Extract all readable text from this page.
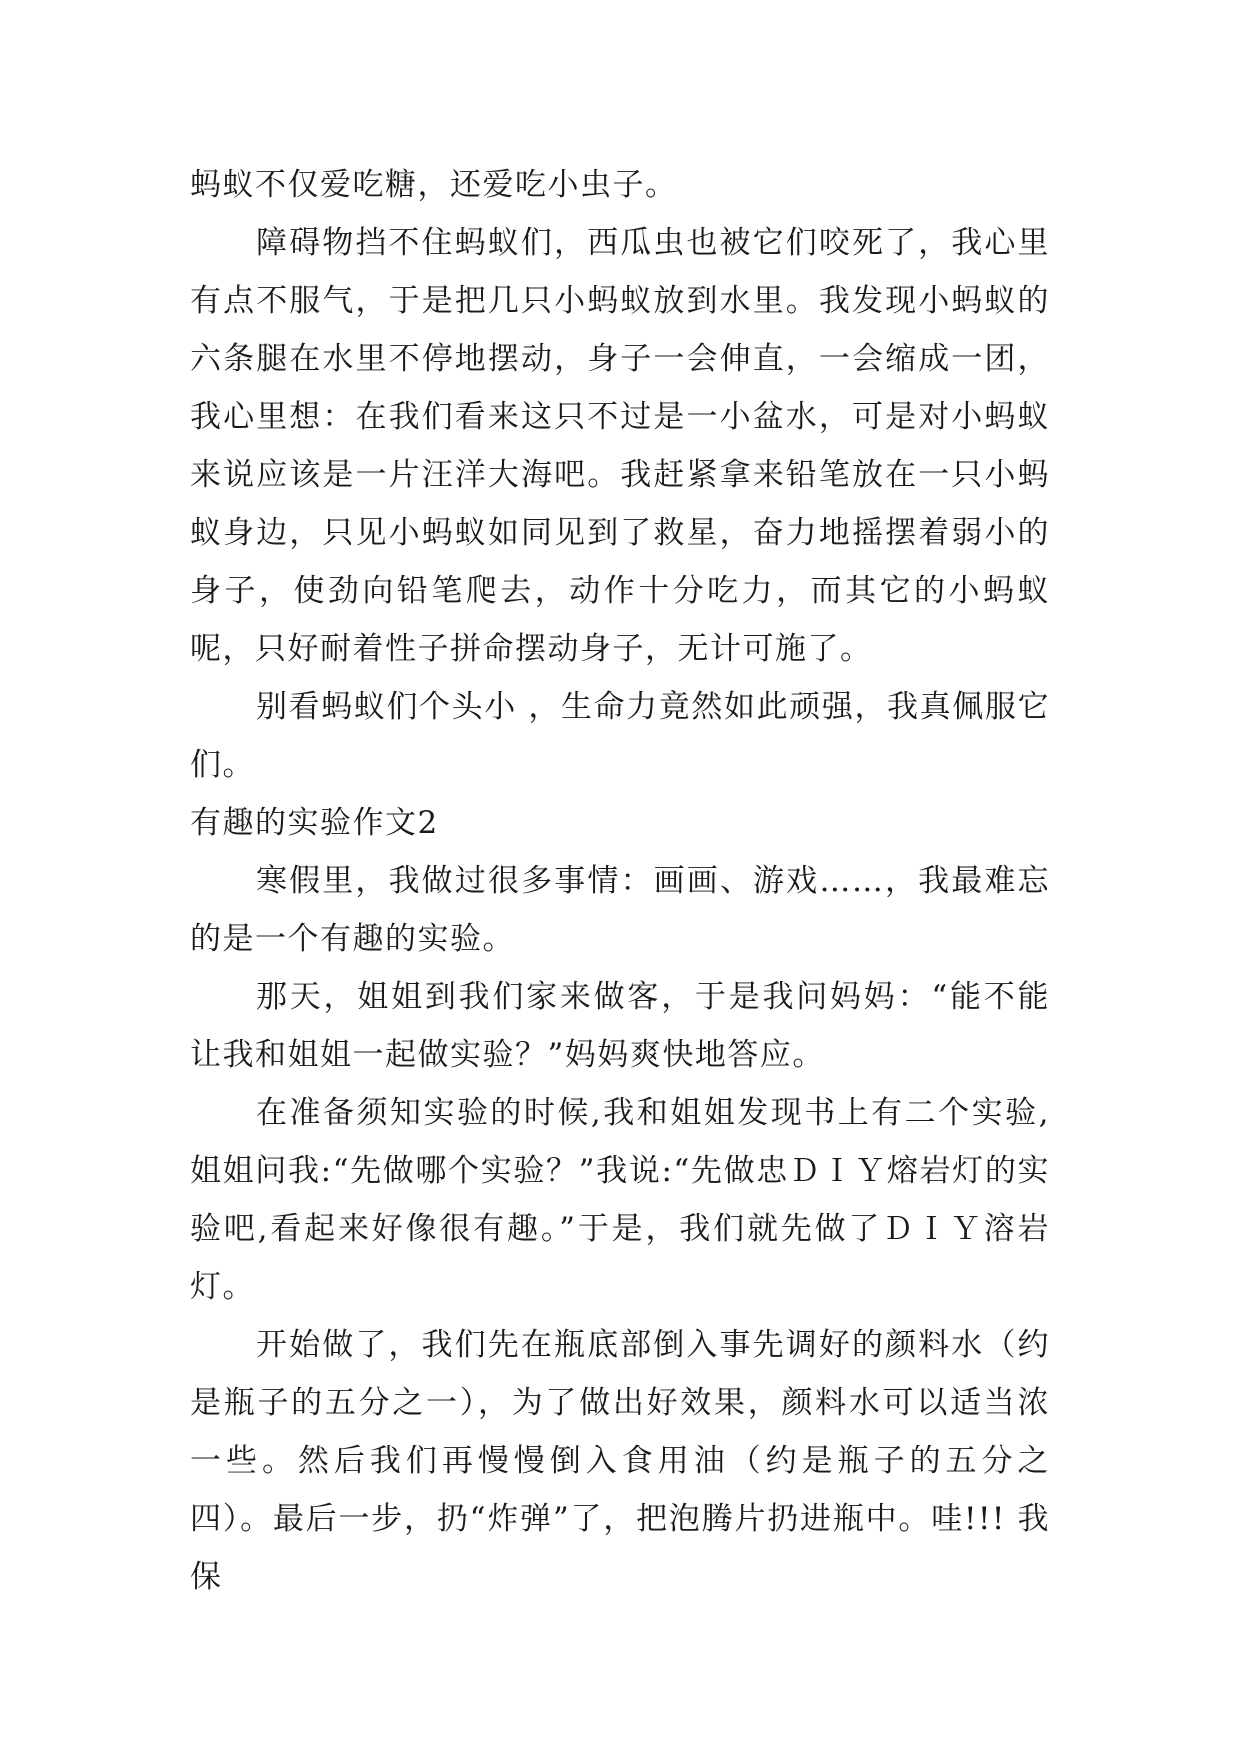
蚂蚁不仅爱吃糖，还爱吃小虫子。

障碍物挡不住蚂蚁们，西瓜虫也被它们咬死了，我心里有点不服气，于是把几只小蚂蚁放到水里。我发现小蚂蚁的六条腿在水里不停地摆动，身子一会伸直，一会缩成一团，我心里想：在我们看来这只不过是一小盆水，可是对小蚂蚁来说应该是一片汪洋大海吧。我赶紧拿来铅笔放在一只小蚂蚁身边，只见小蚂蚁如同见到了救星，奋力地摇摆着弱小的身子，使劲向铅笔爬去，动作十分吃力，而其它的小蚂蚁呢，只好耐着性子拼命摆动身子，无计可施了。

别看蚂蚁们个头小 ，生命力竟然如此顽强，我真佩服它们。

有趣的实验作文2

寒假里，我做过很多事情：画画、游戏……，我最难忘的是一个有趣的实验。

那天，姐姐到我们家来做客，于是我问妈妈：“能不能让我和姐姐一起做实验？”妈妈爽快地答应。

在准备须知实验的时候,我和姐姐发现书上有二个实验,姐姐问我:“先做哪个实验？”我说:“先做忠ＤＩＹ熔岩灯的实验吧,看起来好像很有趣。”于是，我们就先做了ＤＩＹ溶岩灯。

开始做了，我们先在瓶底部倒入事先调好的颜料水（约是瓶子的五分之一），为了做出好效果，颜料水可以适当浓一些。然后我们再慢慢倒入食用油（约是瓶子的五分之四）。最后一步，扔“炸弹”了，把泡腾片扔进瓶中。哇!!! 我保
